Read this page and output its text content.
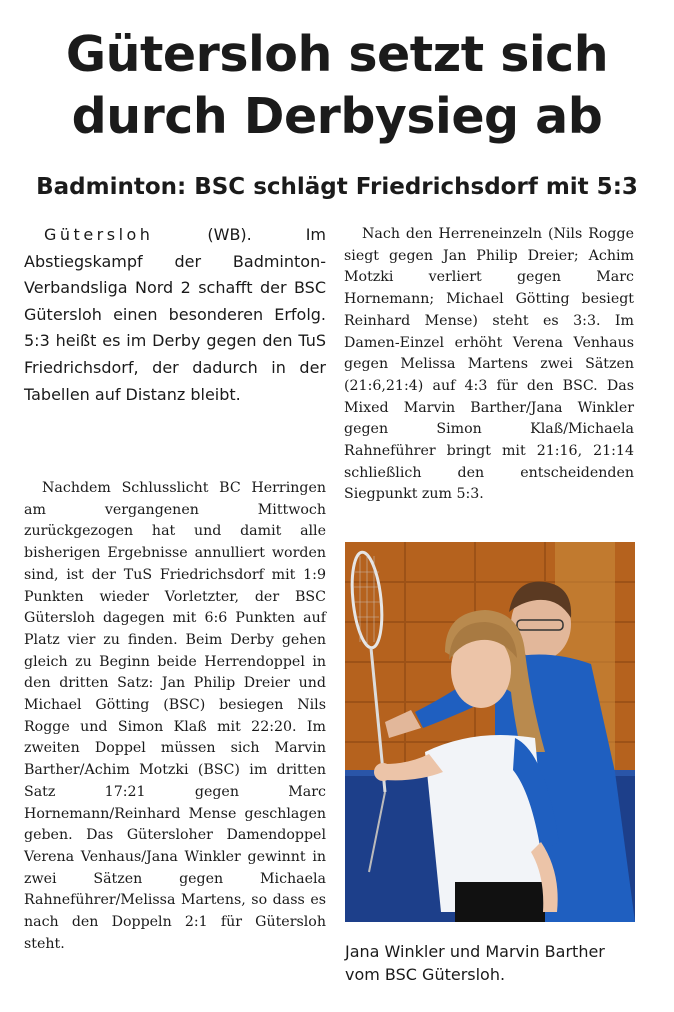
Gütersloh setzt sich
durch Derbysieg ab
Badminton: BSC schlägt Friedrichsdorf mit 5:3

Gütersloh (WB). Im Abstiegskampf der Badminton-Verbandsliga Nord 2 schafft der BSC Gütersloh einen besonderen Erfolg. 5:3 heißt es im Derby gegen den TuS Friedrichsdorf, der dadurch in der Tabellen auf Distanz bleibt.

Nachdem Schlusslicht BC Herringen am vergangenen Mittwoch zurückgezogen hat und damit alle bisherigen Ergebnisse annulliert worden sind, ist der TuS Friedrichsdorf mit 1:9 Punkten wieder Vorletzter, der BSC Gütersloh dagegen mit 6:6 Punkten auf Platz vier zu finden. Beim Derby gehen gleich zu Beginn beide Herrendoppel in den dritten Satz: Jan Philip Dreier und Michael Götting (BSC) besiegen Nils Rogge und Simon Klaß mit 22:20. Im zweiten Doppel müssen sich Marvin Barther/Achim Motzki (BSC) im dritten Satz 17:21 gegen Marc Hornemann/Reinhard Mense geschlagen geben. Das Gütersloher Damendoppel Verena Venhaus/Jana Winkler gewinnt in zwei Sätzen gegen Michaela Rahneführer/Melissa Martens, so dass es nach den Doppeln 2:1 für Gütersloh steht.

Nach den Herreneinzeln (Nils Rogge siegt gegen Jan Philip Dreier; Achim Motzki verliert gegen Marc Hornemann; Michael Götting besiegt Reinhard Mense) steht es 3:3. Im Damen-Einzel erhöht Verena Venhaus gegen Melissa Martens zwei Sätzen (21:6,21:4) auf 4:3 für den BSC. Das Mixed Marvin Barther/Jana Winkler gegen Simon Klaß/Michaela Rahneführer bringt mit 21:16, 21:14 schließlich den entscheidenden Siegpunkt zum 5:3.

Jana Winkler und Marvin Barther vom BSC Gütersloh.
